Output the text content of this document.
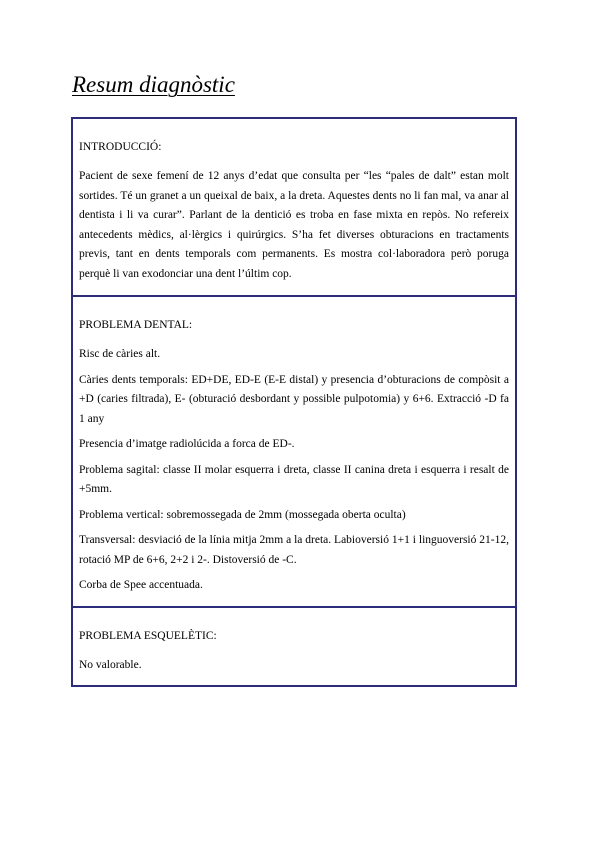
Resum diagnòstic

INTRODUCCIÓ:

Pacient de sexe femení de 12 anys d’edat que consulta per “les “pales de dalt” estan molt sortides. Té un granet a un queixal de baix, a la dreta. Aquestes dents no li fan mal, va anar al dentista i li va curar”. Parlant de la dentició es troba en fase mixta en repòs. No refereix antecedents mèdics, al·lèrgics i quirúrgics. S’ha fet diverses obturacions en tractaments previs, tant en dents temporals com permanents. Es mostra col·laboradora però poruga perquè li van exodonciar una dent l’últim cop.

PROBLEMA DENTAL:

Risc de càries alt.

Càries dents temporals: ED+DE, ED-E (E-E distal) y presencia d’obturacions de compòsit a +D (caries filtrada), E- (obturació desbordant y possible pulpotomia) y 6+6. Extracció -D fa 1 any

Presencia d’imatge radiolúcida a forca de ED-.

Problema sagital: classe II molar esquerra i dreta, classe II canina dreta i esquerra i resalt de +5mm.

Problema vertical: sobremossegada de 2mm (mossegada oberta oculta)

Transversal: desviació de la línia mitja 2mm a la dreta. Labioversió 1+1 i linguoversió 21-12, rotació MP de 6+6, 2+2 i 2-. Distoversió de -C.

Corba de Spee accentuada.

PROBLEMA ESQUELÈTIC:

No valorable.
